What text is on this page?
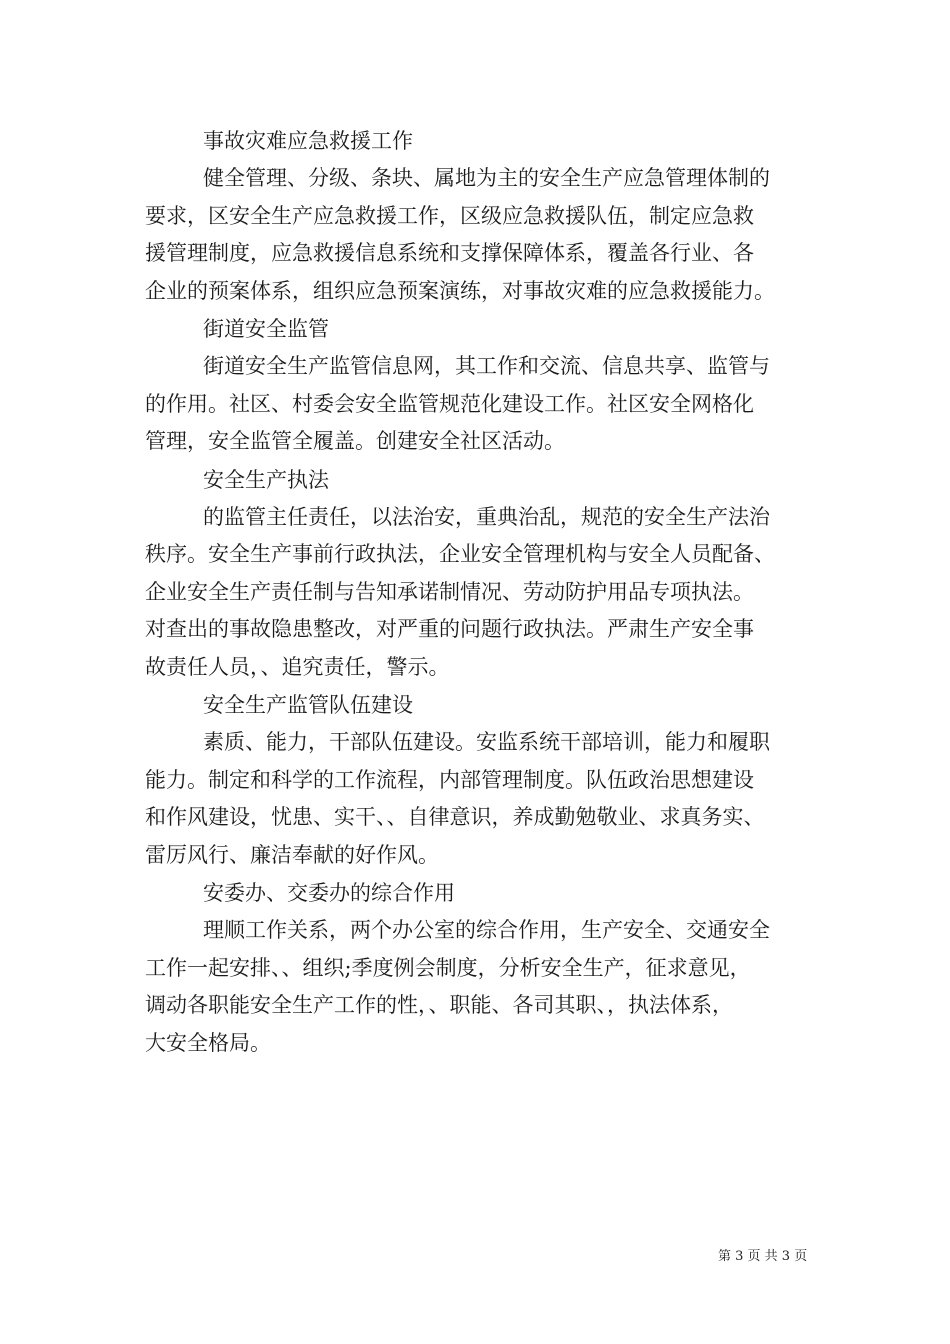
事故灾难应急救援工作

健全管理、分级、条块、属地为主的安全生产应急管理体制的
要求，区安全生产应急救援工作，区级应急救援队伍，制定应急救
援管理制度，应急救援信息系统和支撑保障体系，覆盖各行业、各
企业的预案体系，组织应急预案演练，对事故灾难的应急救援能力。

街道安全监管

街道安全生产监管信息网，其工作和交流、信息共享、监管与
的作用。社区、村委会安全监管规范化建设工作。社区安全网格化
管理，安全监管全履盖。创建安全社区活动。

安全生产执法

的监管主任责任，以法治安，重典治乱，规范的安全生产法治
秩序。安全生产事前行政执法，企业安全管理机构与安全人员配备、
企业安全生产责任制与告知承诺制情况、劳动防护用品专项执法。
对查出的事故隐患整改，对严重的问题行政执法。严肃生产安全事
故责任人员，、追究责任，警示。

安全生产监管队伍建设

素质、能力，干部队伍建设。安监系统干部培训，能力和履职
能力。制定和科学的工作流程，内部管理制度。队伍政治思想建设
和作风建设，忧患、实干、、自律意识，养成勤勉敬业、求真务实、
雷厉风行、廉洁奉献的好作风。

安委办、交委办的综合作用

理顺工作关系，两个办公室的综合作用，生产安全、交通安全
工作一起安排、、组织;季度例会制度，分析安全生产，征求意见，
调动各职能安全生产工作的性，、职能、各司其职、，执法体系，
大安全格局。

第 3 页 共 3 页
